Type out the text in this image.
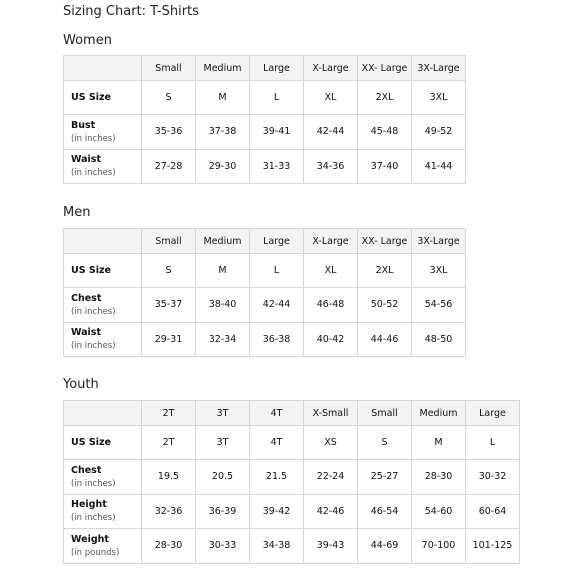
Sizing Chart: T-Shirts
Women
	Small	Medium	Large	X-Large	XX- Large	3X-Large

US Size	S	M	L	XL	2XL	3XL

Bust
(in inches)	35-36	37-38	39-41	42-44	45-48	49-52

Waist
(in inches)	27-28	29-30	31-33	34-36	37-40	41-44
Men
	Small	Medium	Large	X-Large	XX- Large	3X-Large

US Size	S	M	L	XL	2XL	3XL

Chest
(in inches)	35-37	38-40	42-44	46-48	50-52	54-56

Waist
(in inches)	29-31	32-34	36-38	40-42	44-46	48-50
Youth
	2T	3T	4T	X-Small	Small	Medium	Large

US Size	2T	3T	4T	XS	S	M	L

Chest
(in inches)	19.5	20.5	21.5	22-24	25-27	28-30	30-32

Height
(in inches)	32-36	36-39	39-42	42-46	46-54	54-60	60-64

Weight
(in pounds)	28-30	30-33	34-38	39-43	44-69	70-100	101-125
